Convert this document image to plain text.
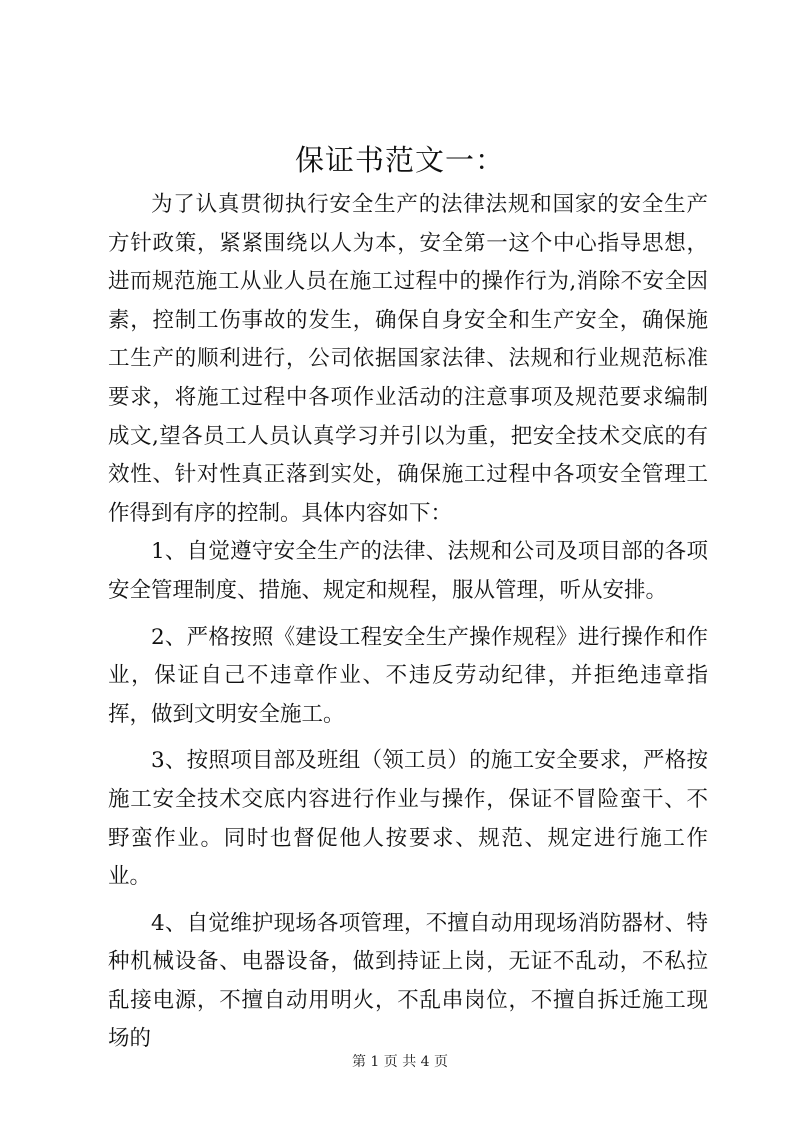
保证书范文一：

为了认真贯彻执行安全生产的法律法规和国家的安全生产方针政策，紧紧围绕以人为本，安全第一这个中心指导思想，进而规范施工从业人员在施工过程中的操作行为,消除不安全因素，控制工伤事故的发生，确保自身安全和生产安全，确保施工生产的顺利进行，公司依据国家法律、法规和行业规范标准要求，将施工过程中各项作业活动的注意事项及规范要求编制成文,望各员工人员认真学习并引以为重，把安全技术交底的有效性、针对性真正落到实处，确保施工过程中各项安全管理工作得到有序的控制。具体内容如下：

1、自觉遵守安全生产的法律、法规和公司及项目部的各项安全管理制度、措施、规定和规程，服从管理，听从安排。

2、严格按照《建设工程安全生产操作规程》进行操作和作业，保证自己不违章作业、不违反劳动纪律，并拒绝违章指挥，做到文明安全施工。

3、按照项目部及班组（领工员）的施工安全要求，严格按施工安全技术交底内容进行作业与操作，保证不冒险蛮干、不野蛮作业。同时也督促他人按要求、规范、规定进行施工作业。

4、自觉维护现场各项管理，不擅自动用现场消防器材、特种机械设备、电器设备，做到持证上岗，无证不乱动，不私拉乱接电源，不擅自动用明火，不乱串岗位，不擅自拆迁施工现场的

第 1 页 共 4 页
